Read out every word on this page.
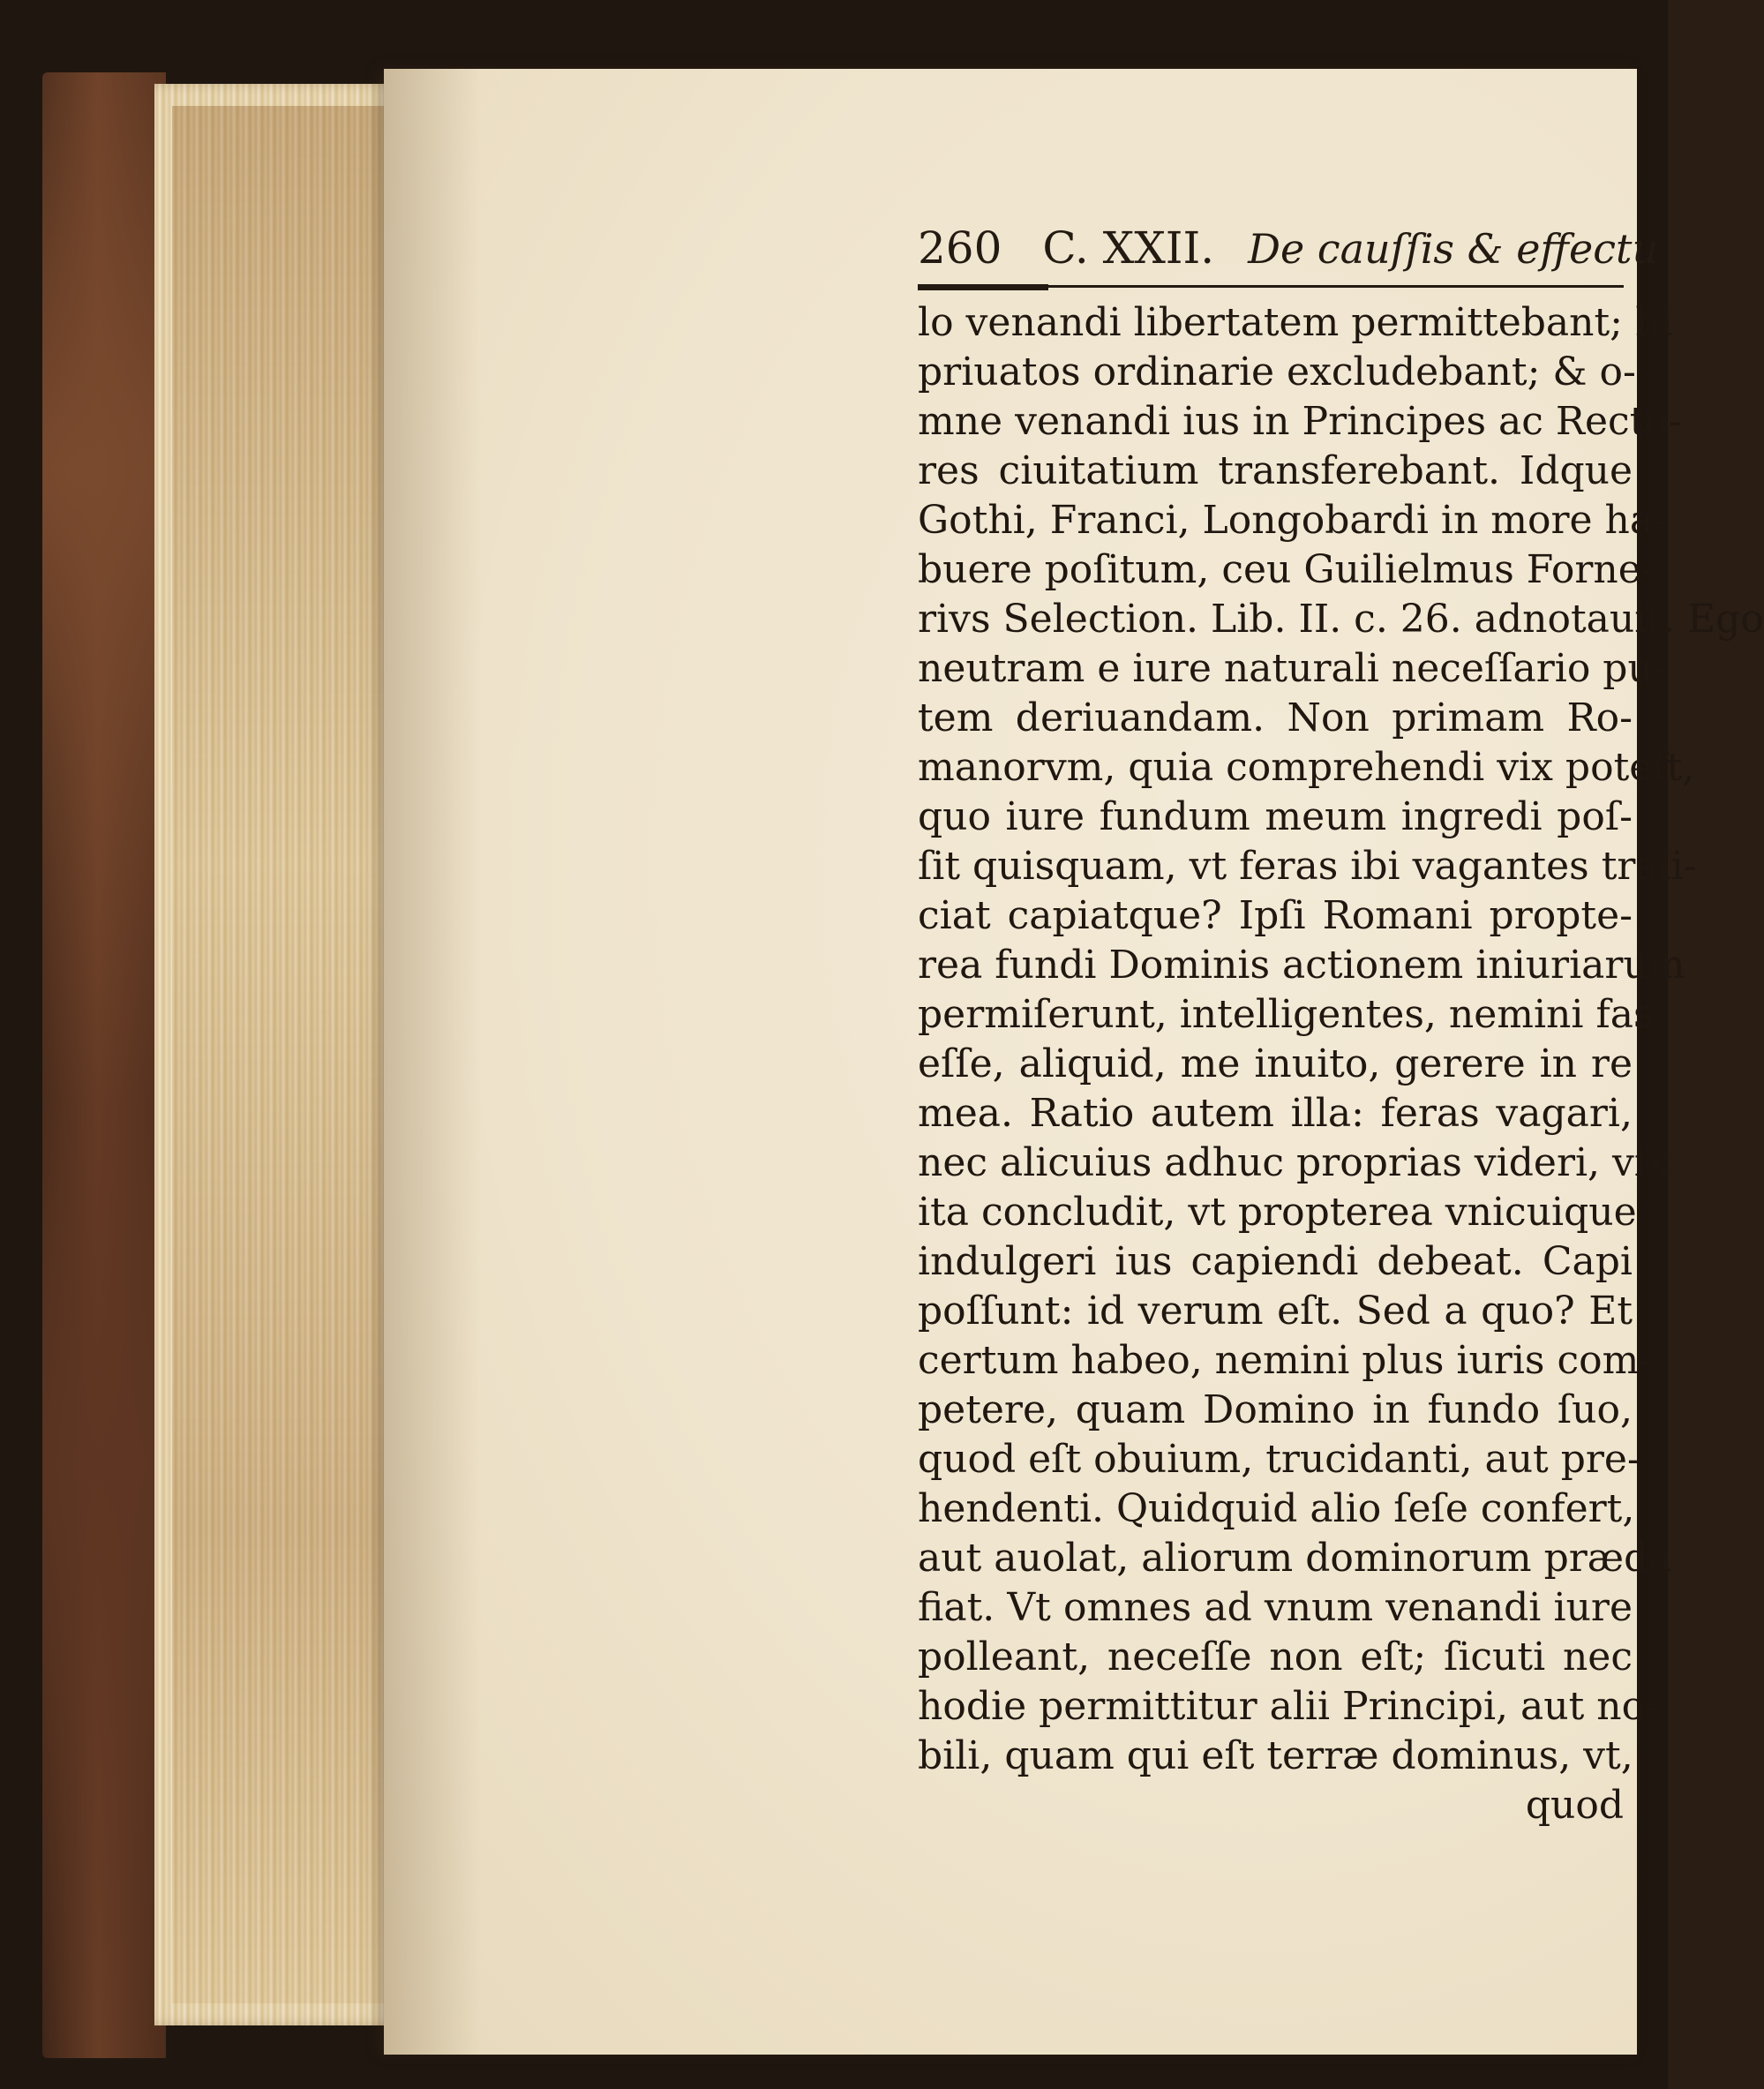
260 C. XXII. De cauſſis & effectu
lo venandi libertatem permittebant; hi
priuatos ordinarie excludebant; & o-
mne venandi ius in Principes ac Recto-
res ciuitatium transferebant. Idque
Gothi, Franci, Longobardi in more ha-
buere poſitum, ceu Guilielmus Forne-
rivs Selection. Lib. II. c. 26. adnotauit. Ego
neutram e iure naturali neceſſario pu-
tem deriuandam. Non primam Ro-
manorvm, quia comprehendi vix poteſt,
quo iure fundum meum ingredi poſ-
ſit quisquam, vt feras ibi vagantes traii-
ciat capiatque? Ipſi Romani propte-
rea fundi Dominis actionem iniuriarum
permiſerunt, intelligentes, nemini fas
eſſe, aliquid, me inuito, gerere in re
mea. Ratio autem illa: feras vagari,
nec alicuius adhuc proprias videri, vix
ita concludit, vt propterea vnicuique
indulgeri ius capiendi debeat. Capi
poſſunt: id verum eſt. Sed a quo? Et
certum habeo, nemini plus iuris com-
petere, quam Domino in fundo ſuo,
quod eſt obuium, trucidanti, aut pre-
hendenti. Quidquid alio ſeſe confert,
aut auolat, aliorum dominorum præda
fiat. Vt omnes ad vnum venandi iure
polleant, neceſſe non eſt; ſicuti nec
hodie permittitur alii Principi, aut no-
bili, quam qui eſt terræ dominus, vt,
quod
